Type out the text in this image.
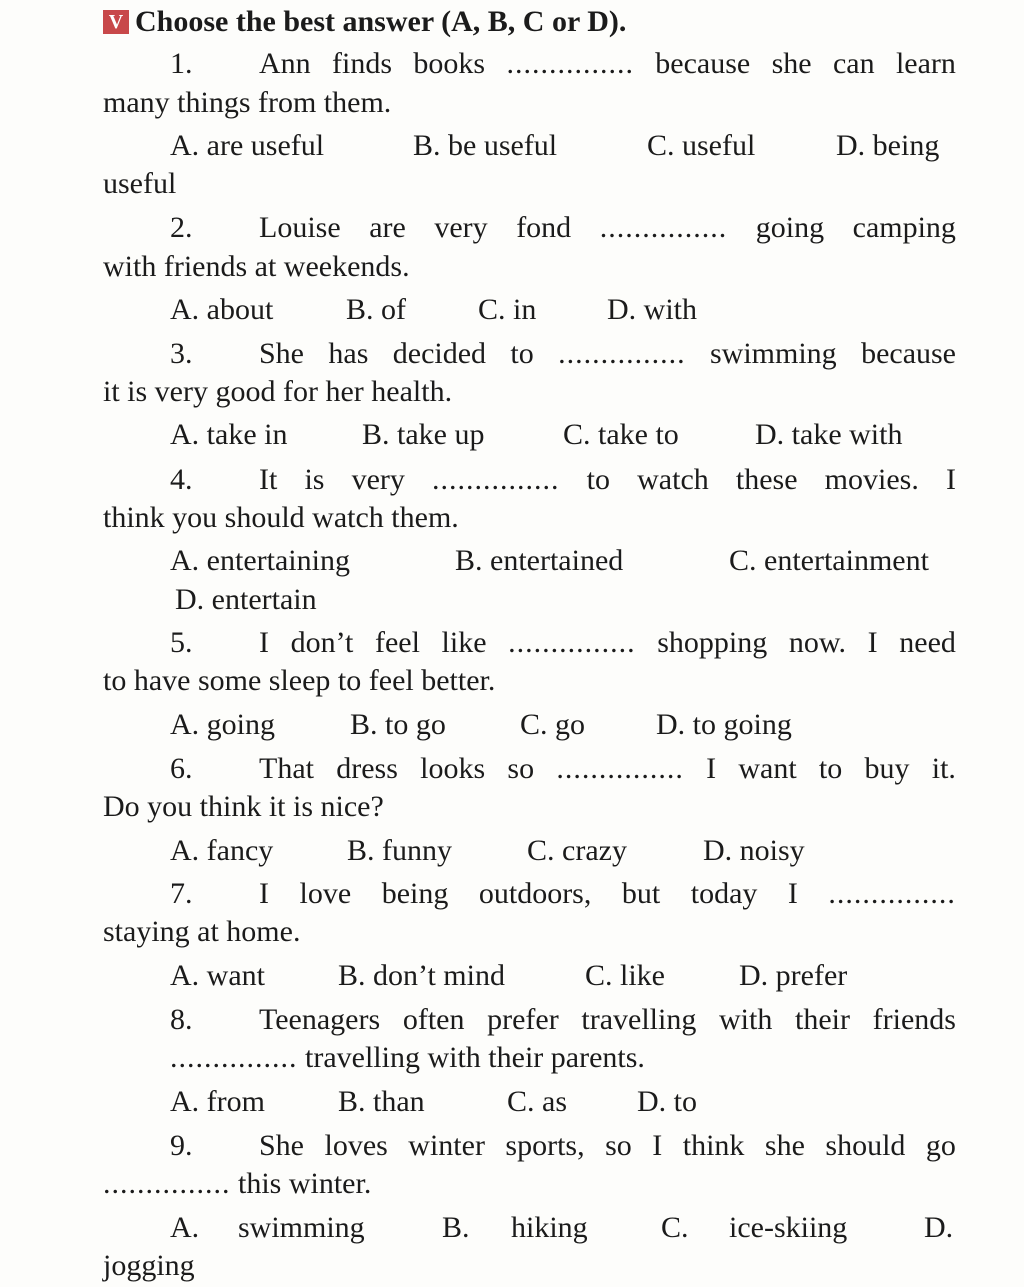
V Choose the best answer (A, B, C or D).
1.	Ann finds books ............... because she can learn
many things from them.
A. are useful	B. be useful	C. useful	D. being
useful
2.	Louise are very fond ............... going camping
with friends at weekends.
A. about B. of C. in D. with
3.	She has decided to ............... swimming because
it is very good for her health.
A. take in B. take up	C. take to	D. take with
4.	It is very ............... to watch these movies. I
think you should watch them.
A. entertaining	B. entertained	C. entertainment
D. entertain
5.	I don’t feel like ............... shopping now. I need
to have some sleep to feel better.
A. going	B. to go C. go D. to going
6.	That dress looks so ............... I want to buy it.
Do you think it is nice?
A. fancy B. funny	C. crazy	D. noisy
7.	I love being outdoors, but today I ...............
staying at home.
A. want B. don’t mind	C. like D. prefer
8.	Teenagers often prefer travelling with their friends
............... travelling with their parents.
A. from B. than	C. as D. to
9.	She loves winter sports, so I think she should go
............... this winter.
A. swimming	B. hiking C. ice-skiing	D.
jogging
